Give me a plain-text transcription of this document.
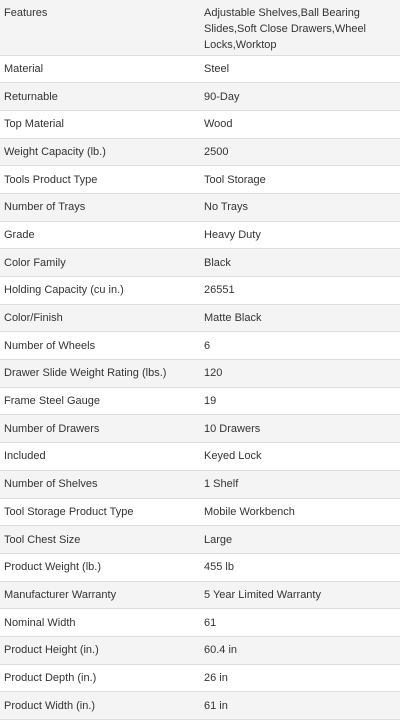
Features	Adjustable Shelves,Ball Bearing Slides,Soft Close Drawers,Wheel Locks,Worktop
Material	Steel
Returnable	90-Day
Top Material	Wood
Weight Capacity (lb.)	2500
Tools Product Type	Tool Storage
Number of Trays	No Trays
Grade	Heavy Duty
Color Family	Black
Holding Capacity (cu in.)	26551
Color/Finish	Matte Black
Number of Wheels	6
Drawer Slide Weight Rating (lbs.)	120
Frame Steel Gauge	19
Number of Drawers	10 Drawers
Included	Keyed Lock
Number of Shelves	1 Shelf
Tool Storage Product Type	Mobile Workbench
Tool Chest Size	Large
Product Weight (lb.)	455 lb
Manufacturer Warranty	5 Year Limited Warranty
Nominal Width	61
Product Height (in.)	60.4 in
Product Depth (in.)	26 in
Product Width (in.)	61 in
